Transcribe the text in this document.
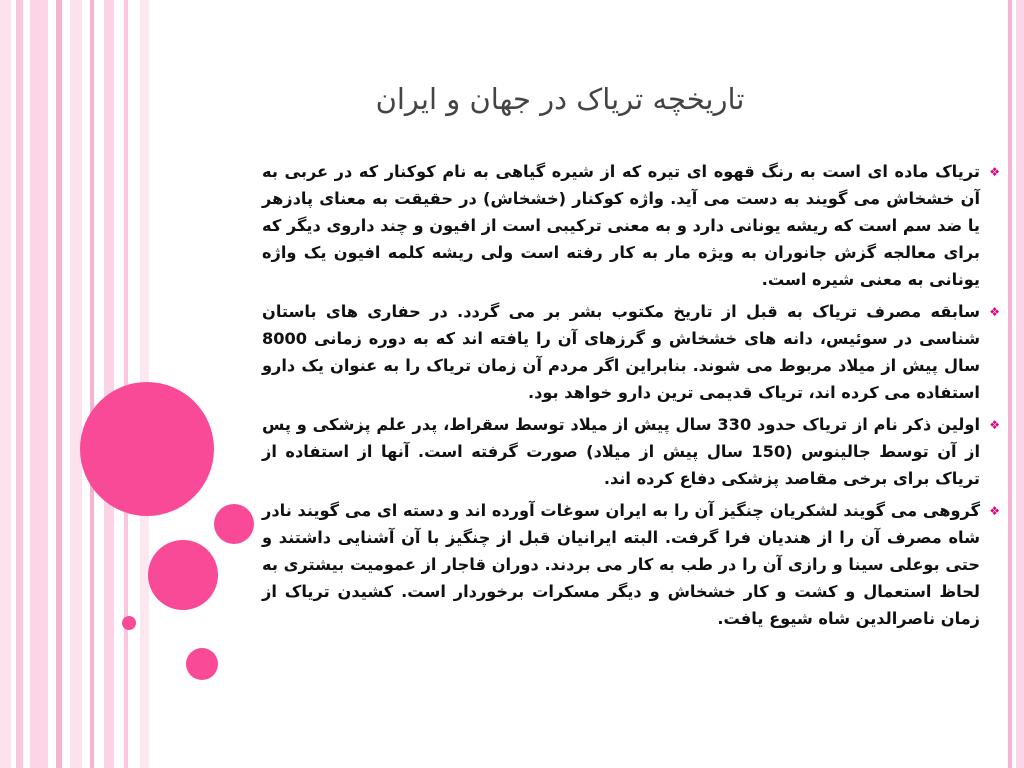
تاریخچه تریاک در جهان و ایران
❖
تریاک ماده ای است به رنگ قهوه ای تیره که از شیره گیاهی به نام کوکنار که در عربی به آن خشخاش می گویند به دست می آید. واژه کوکنار (خشخاش) در حقیقت به معنای پادزهر یا ضد سم است که ریشه یونانی دارد و به معنی ترکیبی است از افیون و چند داروی دیگر که برای معالجه گزش جانوران به ویژه مار به کار رفته است ولی ریشه کلمه افیون یک واژه یونانی به معنی شیره است.
❖
سابقه مصرف تریاک به قبل از تاریخ مکتوب بشر بر می گردد. در حفاری های باستان شناسی در سوئیس، دانه های خشخاش و گرزهای آن را یافته اند که به دوره زمانی 8000 سال پیش از میلاد مربوط می شوند. بنابراین اگر مردم آن زمان تریاک را به عنوان یک دارو استفاده می کرده اند، تریاک قدیمی ترین دارو خواهد بود.
❖
اولین ذکر نام از تریاک حدود 330 سال پیش از میلاد توسط سقراط، پدر علم پزشکی و پس از آن توسط جالینوس (150 سال پیش از میلاد) صورت گرفته است. آنها از استفاده از تریاک برای برخی مقاصد پزشکی دفاع کرده اند.
❖
گروهی می گویند لشکریان چنگیز آن را به ایران سوغات آورده اند و دسته ای می گویند نادر شاه مصرف آن را از هندیان فرا گرفت. البته ایرانیان قبل از چنگیز با آن آشنایی داشتند و حتی بوعلی سینا و رازی آن را در طب به کار می بردند. دوران قاجار از عمومیت بیشتری به لحاظ استعمال و کشت و کار خشخاش و دیگر مسکرات برخوردار است. کشیدن تریاک از زمان ناصرالدین شاه شیوع یافت.
